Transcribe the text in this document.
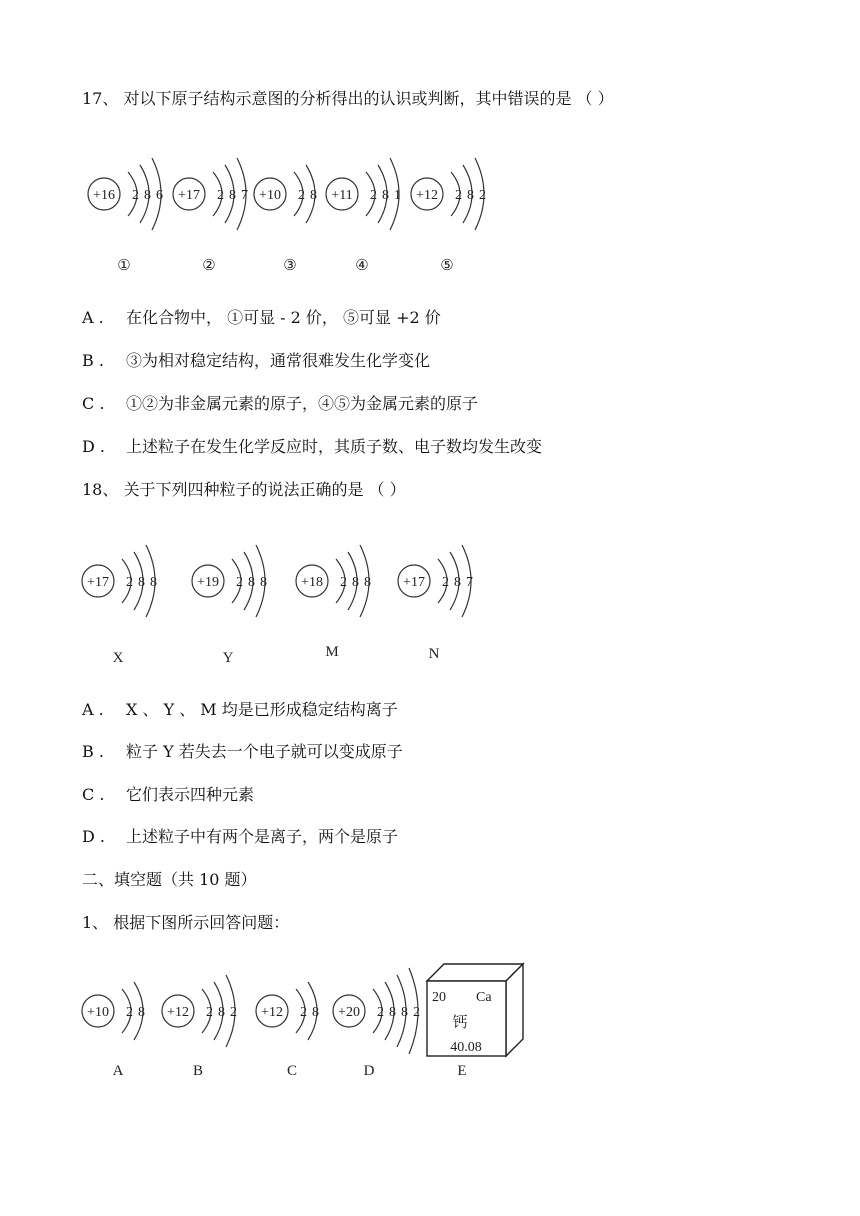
17、 对以下原子结构示意图的分析得出的认识或判断，其中错误的是 （ ）
+16 2 8 6
①
+17 2 8 7
②
+10 2 8
③
+11 2 8 1
④
+12 2 8 2
⑤
A . 在化合物中， ①可显 - 2 价， ⑤可显 +2 价
B . ③为相对稳定结构，通常很难发生化学变化
C . ①②为非金属元素的原子，④⑤为金属元素的原子
D . 上述粒子在发生化学反应时，其质子数、电子数均发生改变
18、 关于下列四种粒子的说法正确的是 （ ）
+17 2 8 8
X
+19 2 8 8
Y
+18 2 8 8
M
+17 2 8 7
N
A . X 、 Y 、 M 均是已形成稳定结构离子
B . 粒子 Y 若失去一个电子就可以变成原子
C . 它们表示四种元素
D . 上述粒子中有两个是离子，两个是原子
二、填空题（共 10 题）
1、 根据下图所示回答问题：
+10 2 8
A
+12 2 8 2
B
+12 2 8
C
+20 2 8 8 2
D
20 Ca
钙
40.08
E
